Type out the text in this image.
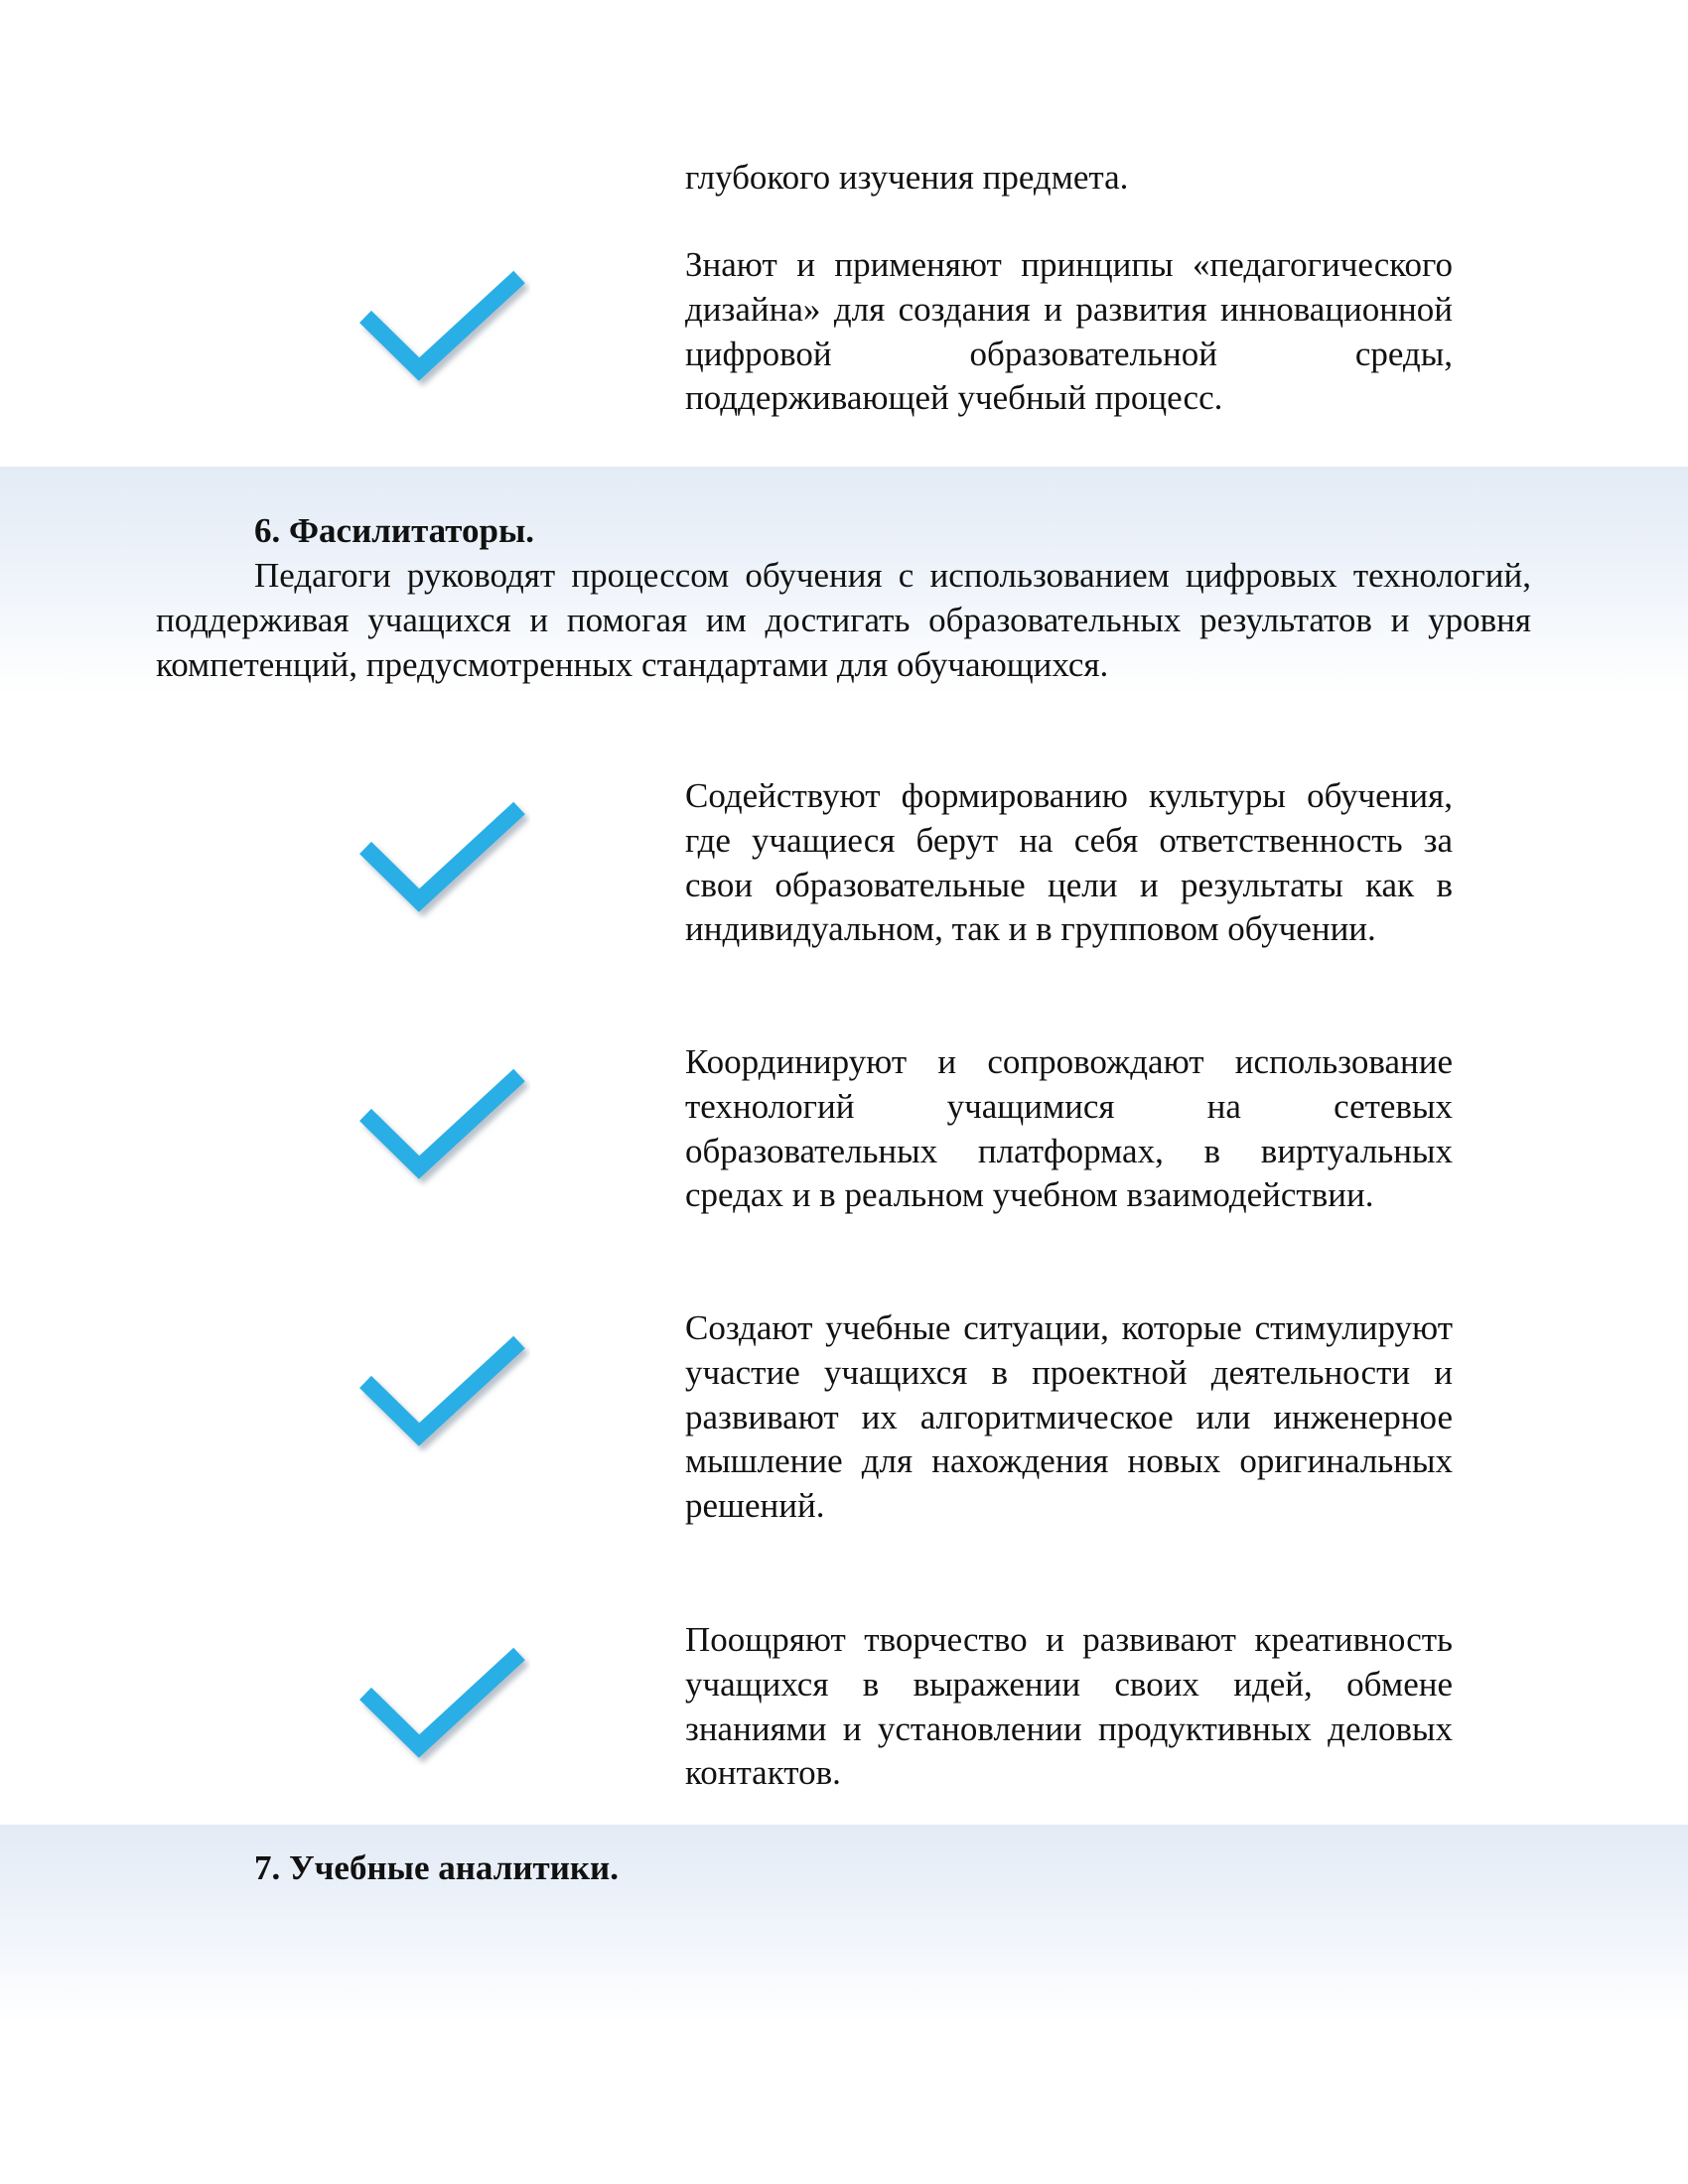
глубокого изучения предмета.

Знают и применяют принципы «педагогического дизайна» для создания и развития инновационной цифровой образовательной среды, поддерживающей учебный процесс.

6. Фасилитаторы.

Педагоги руководят процессом обучения с использованием цифровых технологий, поддерживая учащихся и помогая им достигать образовательных результатов и уровня компетенций, предусмотренных стандартами для обучающихся.

Содействуют формированию культуры обучения, где учащиеся берут на себя ответственность за свои образовательные цели и результаты как в индивидуальном, так и в групповом обучении.

Координируют и сопровождают использование технологий учащимися на сетевых образовательных платформах, в виртуальных средах и в реальном учебном взаимодействии.

Создают учебные ситуации, которые стимулируют участие учащихся в проектной деятельности и развивают их алгоритмическое или инженерное мышление для нахождения новых оригинальных решений.

Поощряют творчество и развивают креативность учащихся в выражении своих идей, обмене знаниями и установлении продуктивных деловых контактов.

7. Учебные аналитики.
